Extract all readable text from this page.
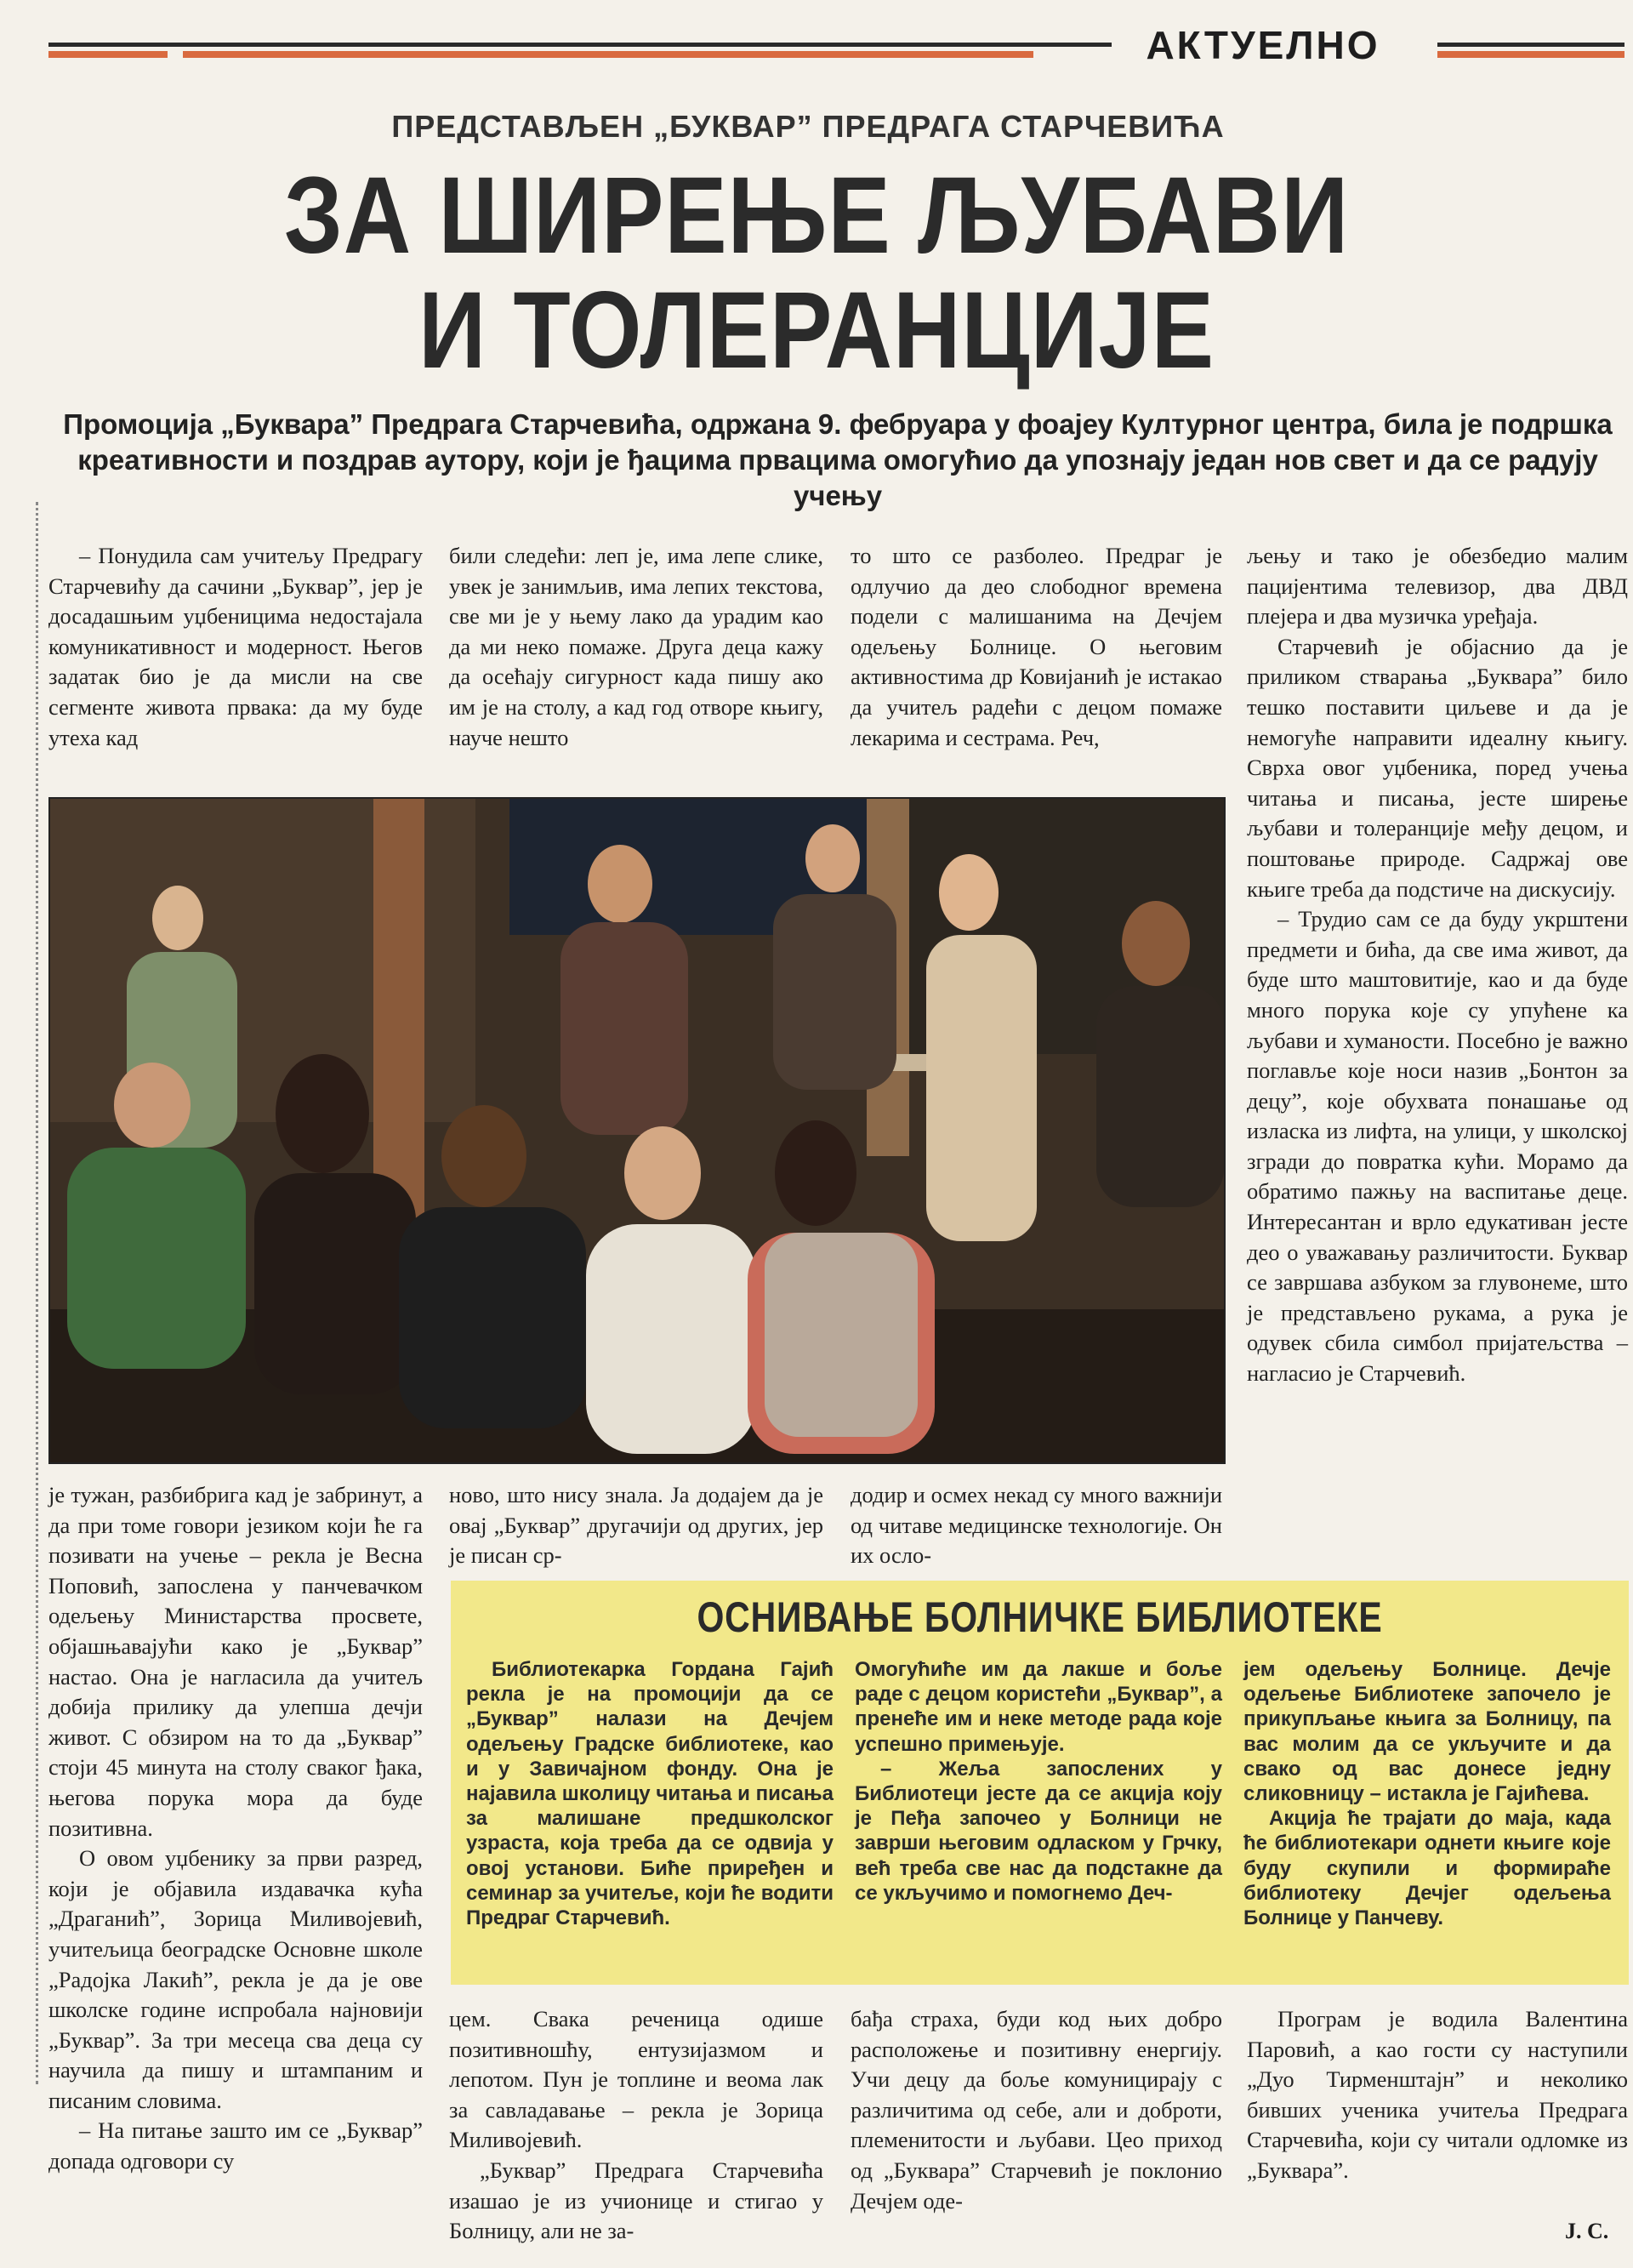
АКТУЕЛНО
ПРЕДСТАВЉЕН „БУКВАР” ПРЕДРАГА СТАРЧЕВИЋА
ЗА ШИРЕЊЕ ЉУБАВИ
И ТОЛЕРАНЦИЈЕ
Промоција „Буквара” Предрага Старчевића, одржана 9. фебруара у фоајеу Културног центра, била је подршка креативности и поздрав аутору, који је ђацима првацима омогућио да упознају један нов свет и да се радују учењу

– Понудила сам учитељу Предрагу Старчевићу да сачини „Буквар”, јер је досадашњим уџбеницима недостајала комуникативност и модерност. Његов задатак био је да мисли на све сегменте живота првака: да му буде утеха кад

били следећи: леп је, има лепе слике, увек је занимљив, има лепих текстова, све ми је у њему лако да урадим као да ми неко помаже. Друга деца кажу да осећају сигурност када пишу ако им је на столу, а кад год отворе књигу, науче нешто

то што се разболео. Предраг је одлучио да део слободног времена подели с малишанима на Дечјем одељењу Болнице. О његовим активностима др Ковијанић је истакао да учитељ радећи с децом помаже лекарима и сестрама. Реч,

љењу и тако је обезбедио малим пацијентима телевизор, два ДВД плејера и два музичка уређаја.

Старчевић је објаснио да је приликом стварања „Буквара” било тешко поставити циљеве и да је немогуће направити идеалну књигу. Сврха овог уџбеника, поред учења читања и писања, јесте ширење љубави и толеранције међу децом, и поштовање прирoде. Садржај ове књиге треба да подстиче на дискусију.

– Трудио сам се да буду укрштени предмети и бића, да све има живот, да буде што маштовитије, као и да буде много порука које су упућене ка љубави и хуманости. Посебно је важно поглавље које носи назив „Бонтон за децу”, које обухвата понашање од изласка из лифта, на улици, у школској згради до повратка кући. Морамо да обратимо пажњу на васпитање деце. Интересантан и врло едукативан јесте део о уважавању различитости. Буквар се завршава азбуком за глувонеме, што је представљено рукама, а рука је одувек сбила симбол пријатељства – нагласио је Старчевић.

ново, што нису знала. Ја додајем да је овај „Буквар” другачији од других, јер је писан ср-

додир и осмех некад су много важнији од читаве медицинске технологије. Он их осло-

је тужан, разбибрига кад је забринут, а да при томе говори језиком који ће га позивати на учење – рекла је Весна Поповић, запослена у панчевачком одељењу Министарства просвете, објашњавајући како је „Буквар” настао. Она је нагласила да учитељ добија прилику да улепша дечји живот. С обзиром на то да „Буквар” стоји 45 минута на столу сваког ђака, његова порука мора да буде позитивна.

О овом уџбенику за први разред, који је објавила издавачка кућа „Драганић”, Зорица Миливојевић, учитељица београдске Основне школе „Радојка Лакић”, рекла је да је ове школске године испробала најновији „Буквар”. За три месеца сва деца су научила да пишу и штампаним и писаним словима.

– На питање зашто им се „Буквар” допада одговори су

ОСНИВАЊЕ БОЛНИЧКЕ БИБЛИОТЕКЕ

Библиотекарка Гордана Гајић рекла је на промоцији да се „Буквар” налази на Дечјем одељењу Градске библиотеке, као и у Завичајном фонду. Она је најавила школицу читања и писања за малишане предшколског узраста, која треба да се одвија у овој установи. Биће приређен и семинар за учитеље, који ће водити Предраг Старчевић.

Омогућиће им да лакше и боље раде с децом користећи „Буквар”, а пренеће им и неке методе рада које успешно примењује.

– Жеља запослених у Библиотеци јесте да се акција коју је Пеђа започео у Болници не заврши његовим одласком у Грчку, већ треба све нас да подстакне да се укључимо и помогнемо Деч-

јем одељењу Болнице. Дечје одељење Библиотеке започело је прикупљање књига за Болницу, па вас молим да се укључите и да свако од вас донесе једну сликовницу – истакла је Гајићева.

Акција ће трајати до маја, када ће библиотекари однети књиге које буду скупили и формираће библиотеку Дечјег одељења Болнице у Панчеву.

цем. Свака реченица одише позитивношћу, ентузијазмом и лепотом. Пун је топлине и веома лак за савладавање – рекла је Зорица Миливојевић.

„Буквар” Предрага Старчевића изашао је из учионице и стигао у Болницу, али не за-

бађа страха, буди код њих добро расположење и позитивну енергију. Учи децу да боље комуницирају с различитима од себе, али и доброти, племенитости и љубави. Цео приход од „Буквара” Старчевић је поклонио Дечјем оде-

Програм је водила Валентина Паровић, а као гости су наступили „Дуо Тирменштајн” и неколико бивших ученика учитеља Предрага Старчевића, који су читали одломке из „Буквара”.

J. C.
